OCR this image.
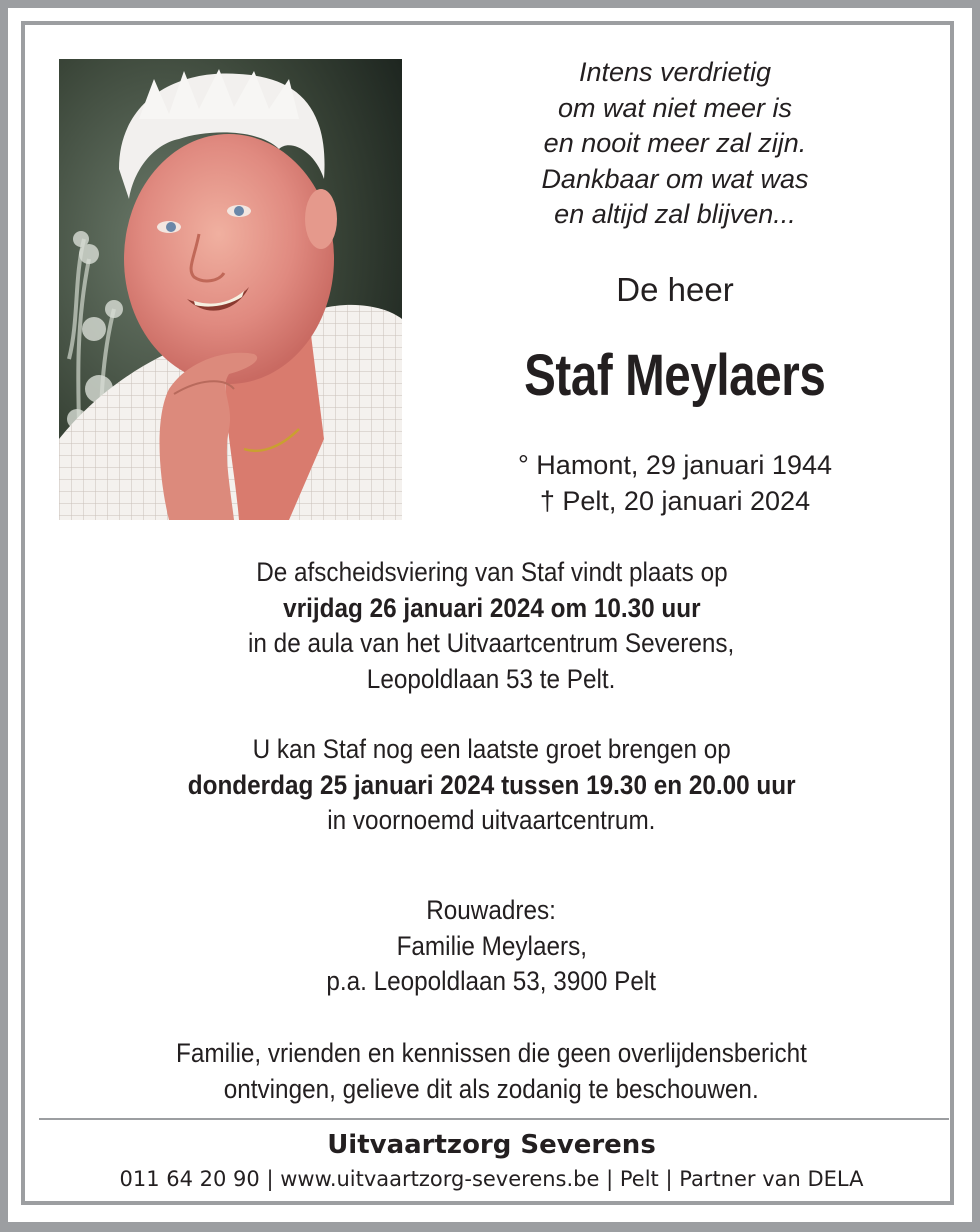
Intens verdrietig
om wat niet meer is
en nooit meer zal zijn.
Dankbaar om wat was
en altijd zal blijven...
De heer
Staf Meylaers
° Hamont, 29 januari 1944
† Pelt, 20 januari 2024
De afscheidsviering van Staf vindt plaats op
vrijdag 26 januari 2024 om 10.30 uur
in de aula van het Uitvaartcentrum Severens,
Leopoldlaan 53 te Pelt.
U kan Staf nog een laatste groet brengen op
donderdag 25 januari 2024 tussen 19.30 en 20.00 uur
in voornoemd uitvaartcentrum.
Rouwadres:
Familie Meylaers,
p.a. Leopoldlaan 53, 3900 Pelt
Familie, vrienden en kennissen die geen overlijdensbericht
ontvingen, gelieve dit als zodanig te beschouwen.
Uitvaartzorg Severens
011 64 20 90 | www.uitvaartzorg-severens.be | Pelt | Partner van DELA
